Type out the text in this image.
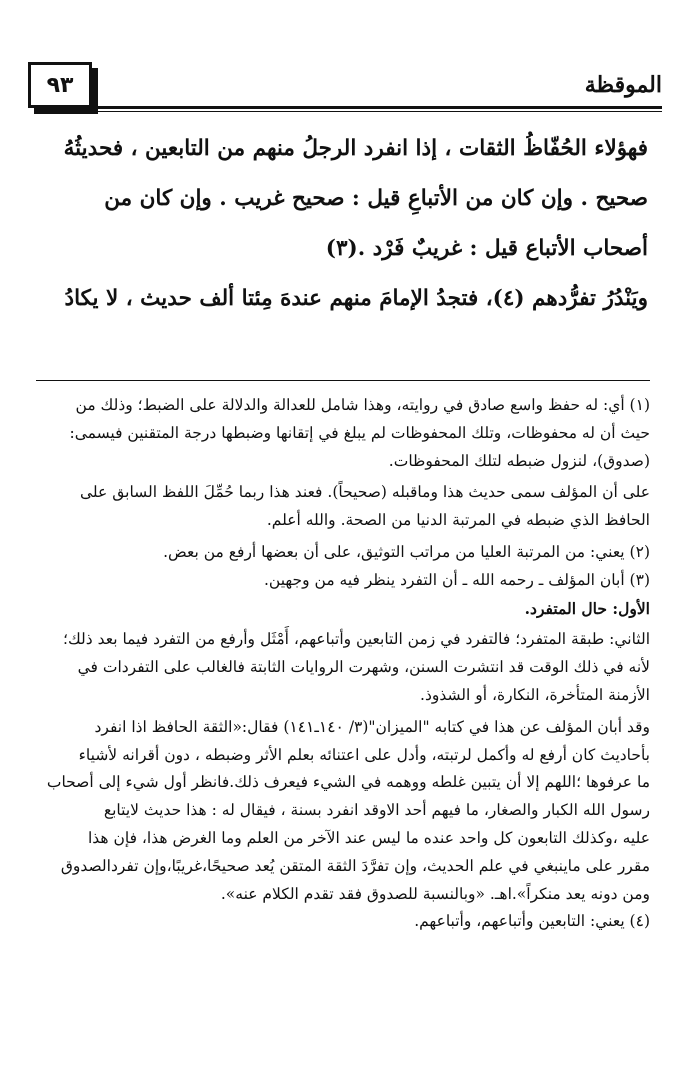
٩٣	الموقظة
فهؤلاء الحُفّاظُ الثقات ، إذا انفرد الرجلُ منهم من التابعين ، فحديثُهُ
صحيح . وإن كان من الأتباعِ قيل : صحيح غريب . وإن كان من
أصحاب الأتباع قيل : غريبٌ فَرْد .(٣)
ويَنْدُرُ تفرُّدهم (٤)، فتجدُ الإمامَ منهم عندهَ مِئتا ألف حديث ، لا يكادُ
(١) أي: له حفظ واسع صادق في روايته، وهذا شامل للعدالة والدلالة على الضبط؛ وذلك من
حيث أن له محفوظات، وتلك المحفوظات لم يبلغ في إتقانها وضبطها درجة المتقنين فيسمى:
(صدوق)، لنزول ضبطه لتلك المحفوظات.
على أن المؤلف سمى حديث هذا وماقبله (صحيحاً). فعند هذا ربما حُمِّلَ اللفظ السابق على
الحافظ الذي ضبطه في المرتبة الدنيا من الصحة. والله أعلم.
(٢) يعني: من المرتبة العليا من مراتب التوثيق، على أن بعضها أرفع من بعض.
(٣) أبان المؤلف ـ رحمه الله ـ أن التفرد ينظر فيه من وجهين.
الأول: حال المتفرد.
الثاني: طبقة المتفرد؛ فالتفرد في زمن التابعين وأتباعهم، أَمْثَل وأرفع من التفرد فيما بعد ذلك؛
لأنه في ذلك الوقت قد انتشرت السنن، وشهرت الروايات الثابتة فالغالب على التفردات في
الأزمنة المتأخرة، النكارة، أو الشذوذ.
وقد أبان المؤلف عن هذا في كتابه "الميزان"(٣/ ١٤٠ـ١٤١) فقال:«الثقة الحافظ اذا انفرد
بأحاديث كان أرفع له وأكمل لرتبته، وأدل على اعتنائه بعلم الأثر وضبطه ، دون أقرانه لأشياء
ما عرفوها ؛اللهم إلا أن يتبين غلطه ووهمه في الشيء فيعرف ذلك.فانظر أول شيء إلى أصحاب
رسول الله الكبار والصغار، ما فيهم أحد الاوقد انفرد بسنة ، فيقال له : هذا حديث لايتابع
عليه ،وكذلك التابعون كل واحد عنده ما ليس عند الآخر من العلم وما الغرض هذا، فإن هذا
مقرر على ماينبغي في علم الحديث، وإن تفرَّدَ الثقة المتقن يُعد صحيحًا،غريبًا،وإن تفردالصدوق
ومن دونه يعد منكراً».اهـ. «وبالنسبة للصدوق فقد تقدم الكلام عنه».
(٤) يعني: التابعين وأتباعهم، وأتباعهم.
